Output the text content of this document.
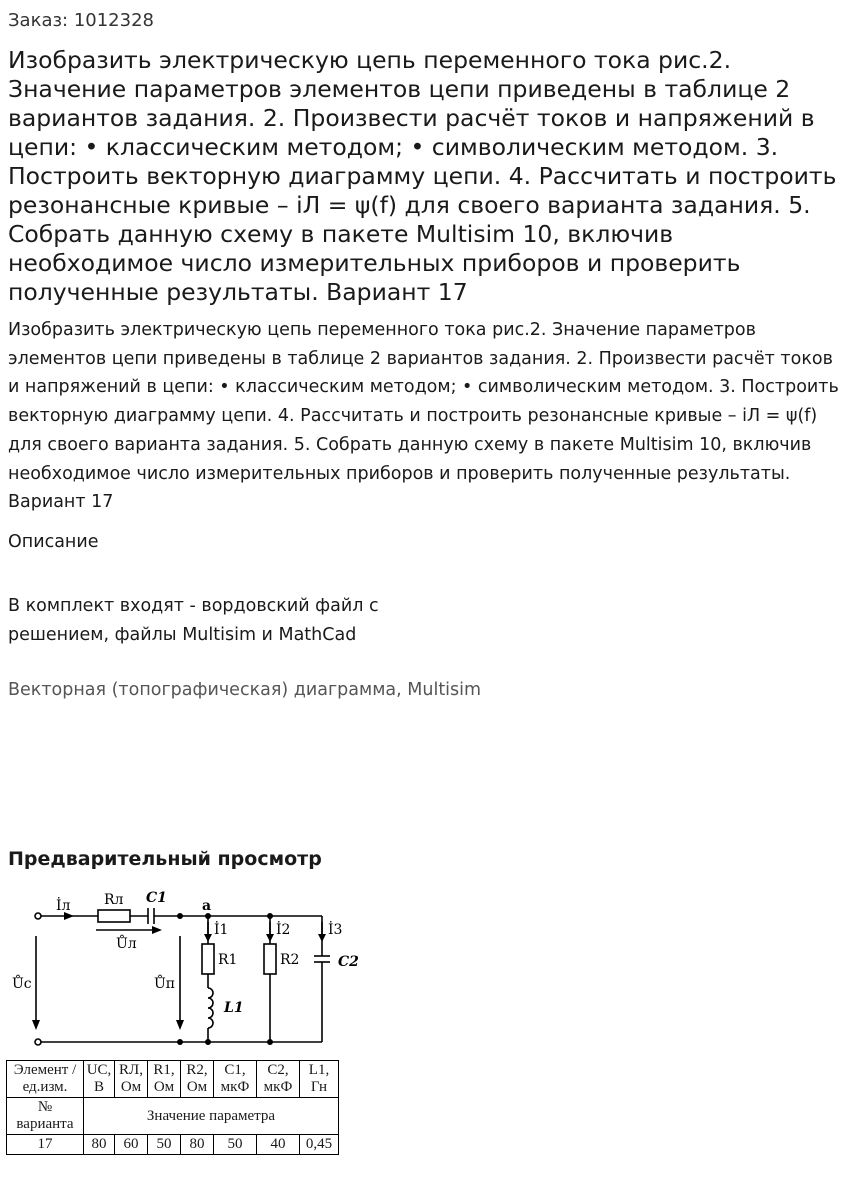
Заказ: 1012328
Изобразить электрическую цепь переменного тока рис.2. Значение параметров элементов цепи приведены в таблице 2 вариантов задания. 2. Произвести расчёт токов и напряжений в цепи: • классическим методом; • символическим методом. 3. Построить векторную диаграмму цепи. 4. Рассчитать и построить резонансные кривые – iЛ = ψ(f) для своего варианта задания. 5. Собрать данную схему в пакете Multisim 10, включив необходимое число измерительных приборов и проверить полученные результаты. Вариант 17

Изобразить электрическую цепь переменного тока рис.2. Значение параметров элементов цепи приведены в таблице 2 вариантов задания. 2. Произвести расчёт токов и напряжений в цепи: • классическим методом; • символическим методом. 3. Построить векторную диаграмму цепи. 4. Рассчитать и построить резонансные кривые – iЛ = ψ(f) для своего варианта задания. 5. Собрать данную схему в пакете Multisim 10, включив необходимое число измерительных приборов и проверить полученные результаты. Вариант 17

Описание
В комплект входят - вордовский файл с решением, файлы Multisim и MathCad
Векторная (топографическая) диаграмма, Multisim
Предварительный просмотр
İл Rл C1
Ůл
a
İ1	İ2	İ3
R1	R2	C2
L1
Ůc	Ůп
Элемент / ед.изм.	UC, В	RЛ, Ом	R1, Ом	R2, Ом	C1, мкФ	C2, мкФ	L1, Гн
№ варианта	Значение параметра						
17	80	60	50	80	50	40	0,45
